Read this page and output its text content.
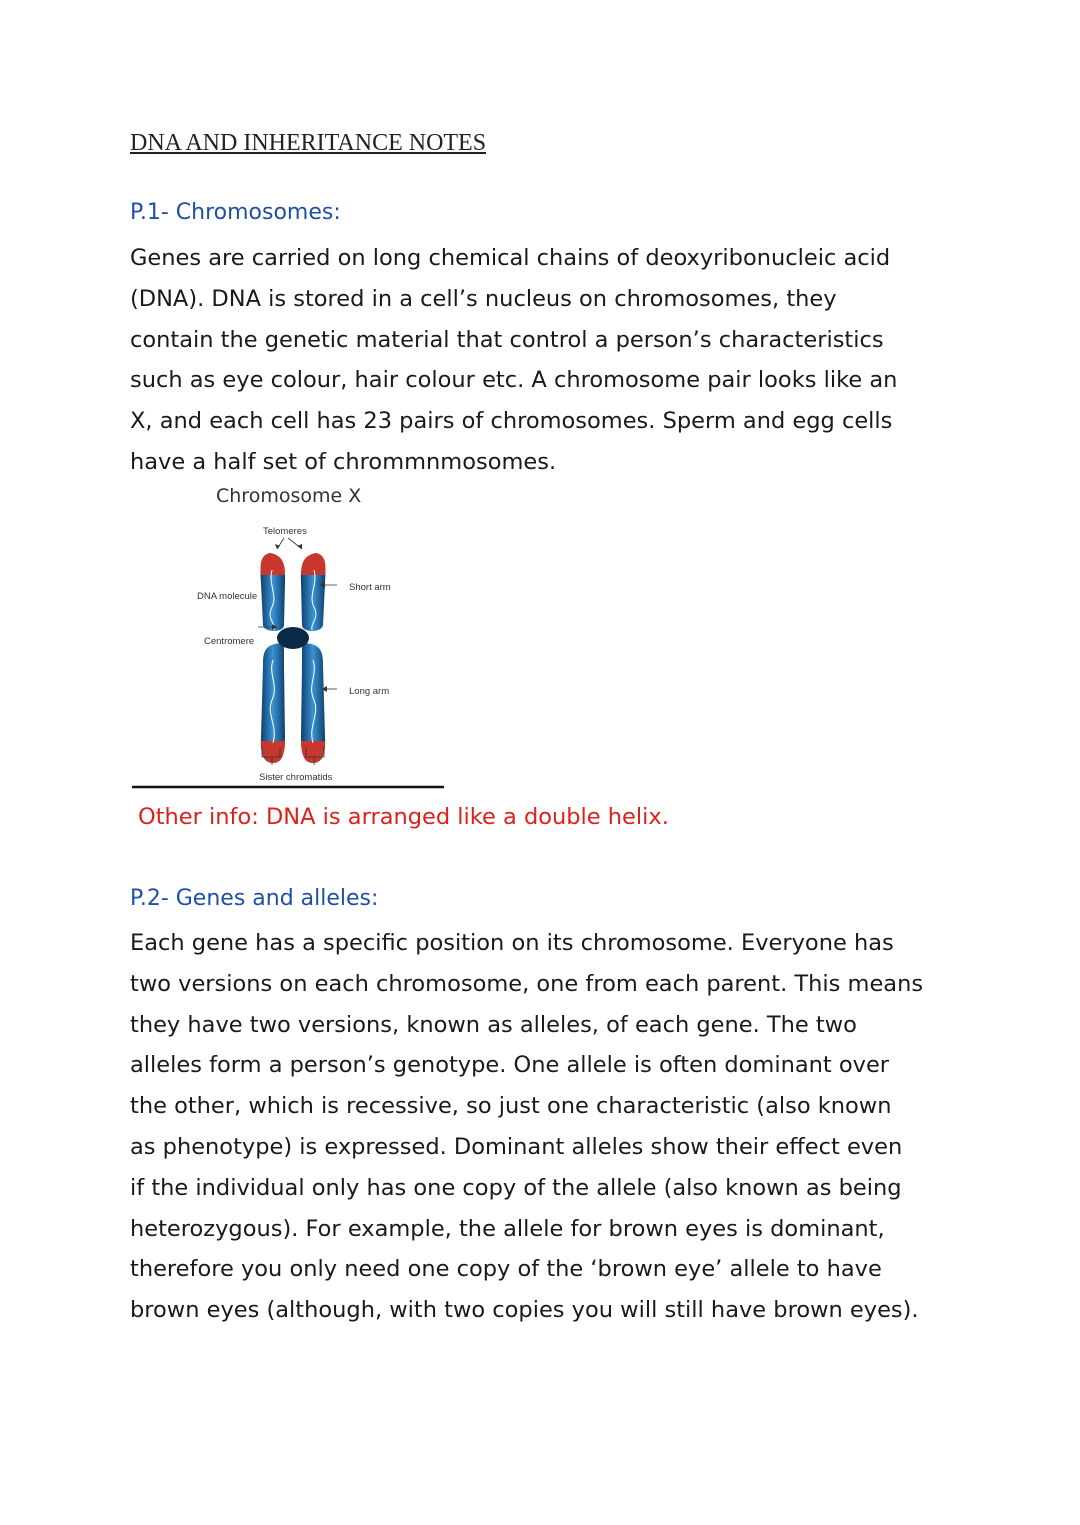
DNA AND INHERITANCE NOTES
P.1- Chromosomes:
Genes are carried on long chemical chains of deoxyribonucleic acid
(DNA). DNA is stored in a cell’s nucleus on chromosomes, they
contain the genetic material that control a person’s characteristics
such as eye colour, hair colour etc. A chromosome pair looks like an
X, and each cell has 23 pairs of chromosomes. Sperm and egg cells
have a half set of chrommnmosomes.
Chromosome X
Telomeres
Short arm
DNA molecule
Centromere
Long arm
Sister chromatids
Other info: DNA is arranged like a double helix.
P.2- Genes and alleles:
Each gene has a specific position on its chromosome. Everyone has
two versions on each chromosome, one from each parent. This means
they have two versions, known as alleles, of each gene. The two
alleles form a person’s genotype. One allele is often dominant over
the other, which is recessive, so just one characteristic (also known
as phenotype) is expressed. Dominant alleles show their effect even
if the individual only has one copy of the allele (also known as being
heterozygous). For example, the allele for brown eyes is dominant,
therefore you only need one copy of the ‘brown eye’ allele to have
brown eyes (although, with two copies you will still have brown eyes).
